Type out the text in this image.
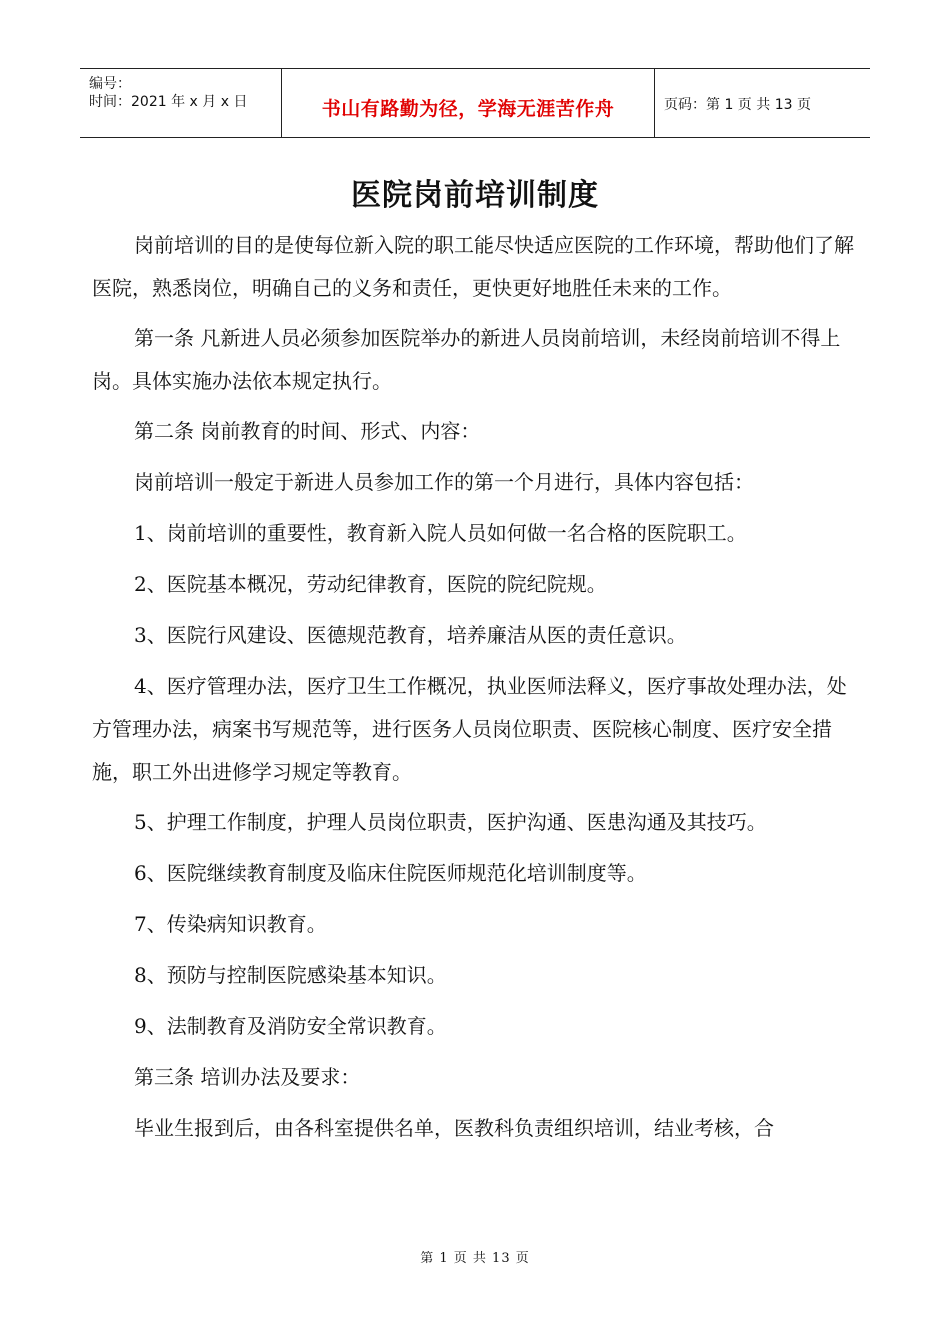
编号：
时间：2021 年 x 月 x 日	书山有路勤为径，学海无涯苦作舟	页码：第 1 页 共 13 页
医院岗前培训制度

岗前培训的目的是使每位新入院的职工能尽快适应医院的工作环境，帮助他们了解医院，熟悉岗位，明确自己的义务和责任，更快更好地胜任未来的工作。

第一条 凡新进人员必须参加医院举办的新进人员岗前培训，未经岗前培训不得上岗。具体实施办法依本规定执行。

第二条 岗前教育的时间、形式、内容：

岗前培训一般定于新进人员参加工作的第一个月进行，具体内容包括：

1、岗前培训的重要性，教育新入院人员如何做一名合格的医院职工。

2、医院基本概况，劳动纪律教育，医院的院纪院规。

3、医院行风建设、医德规范教育，培养廉洁从医的责任意识。

4、医疗管理办法，医疗卫生工作概况，执业医师法释义，医疗事故处理办法，处方管理办法，病案书写规范等，进行医务人员岗位职责、医院核心制度、医疗安全措施，职工外出进修学习规定等教育。

5、护理工作制度，护理人员岗位职责，医护沟通、医患沟通及其技巧。

6、医院继续教育制度及临床住院医师规范化培训制度等。

7、传染病知识教育。

8、预防与控制医院感染基本知识。

9、法制教育及消防安全常识教育。

第三条 培训办法及要求：

毕业生报到后，由各科室提供名单，医教科负责组织培训，结业考核，合

第 1 页 共 13 页
